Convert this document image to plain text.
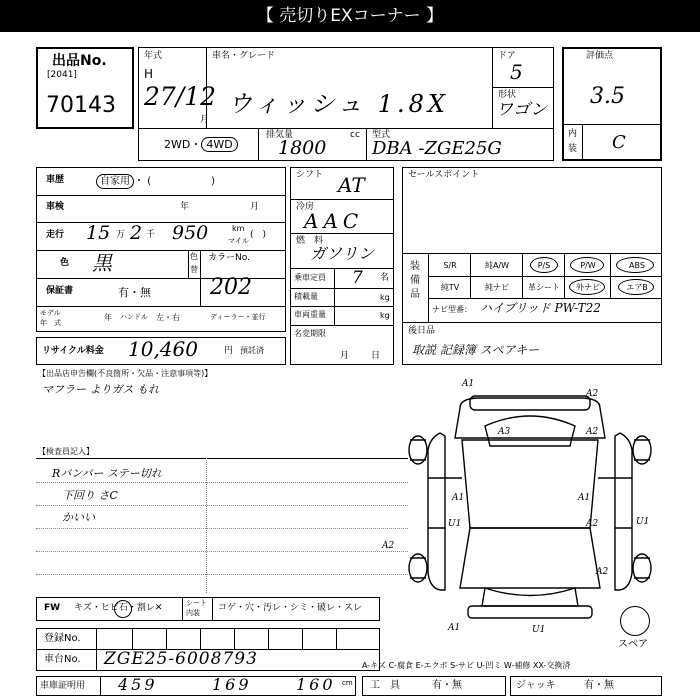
【 売切りEXコーナー 】
出品No.
[2041]
70143
年式
H
27/12
月
車名・グレード
ウィッシュ 1.8X
ドア
5
形状
ワゴン
2WD・ 4WD
排気量	cc
1800
型式
DBA -ZGE25G
評価点
3.5
内
装 C
車歴	自家用 ・ (　　　　　　)
車検	年	月
走行 15 万 2 千 950	km
マイル
(　)
色 黒	色
替
カラーNo.
202
保証書	有・無
モデル
年　式
年 ハンドル 左・右	ディーラー・並行
リサイクル料金 10,460	円 預託済
シフト AT
冷房
AAC
燃　料
ガソリン
乗車定員 7 名
積載量	kg
車両重量	kg
名変期限
月日
セールスポイント
装備品
S/R	純A/W	P/S	P/W	ABS
純TV	純ナビ	革シート	外ナビ	エアB
ナビ型番： ハイブリッド PW-T22
後日品
取説 記録簿 スペアキー
【出品店申告欄(不良箇所・欠品・注意事項等)】
マフラー よりガス もれ
【検査員記入】
Rバンパー ステー切れ
下回り さC
かいい
A1
A2
A3	A2
A1	A1
A2
U1
A2
U1
A1	U1
A2
スペア
FW キズ・ヒビ石・割レ✕	シート
内装 コゲ・穴・汚レ・シミ・破レ・スレ
登録No.
車台No. ZGE25-6008793	A-キズ C-腐食 E-エクボ S-サビ U-凹ミ W-補修 XX-交換済
車庫証明用 459	169	160 cm 工　具	有・無	ジャッキ	有・無
